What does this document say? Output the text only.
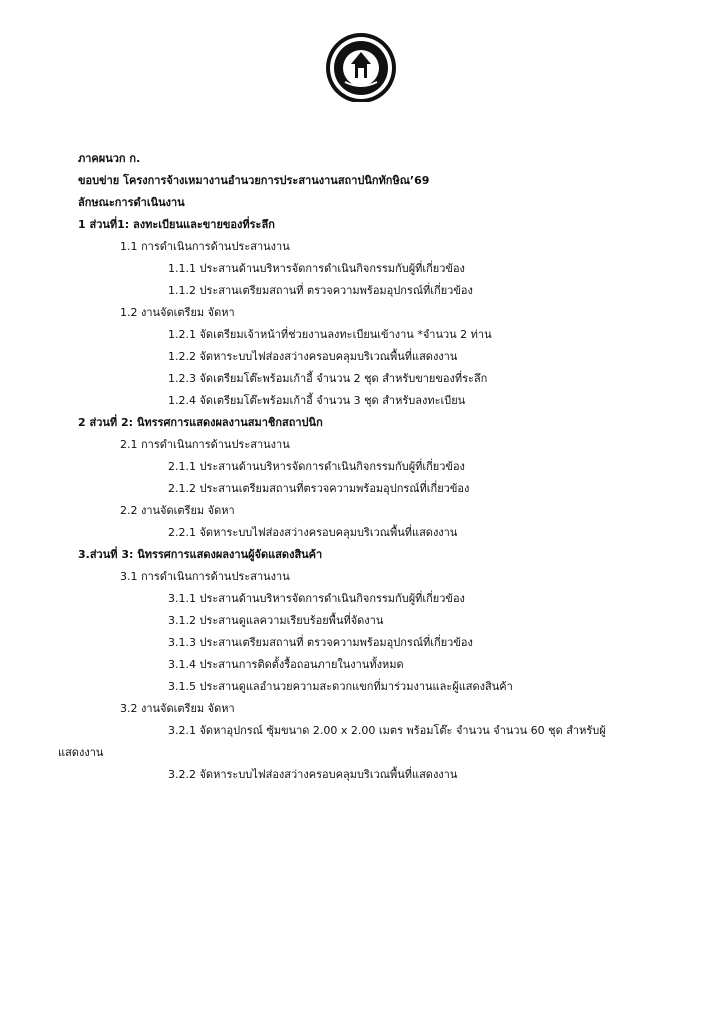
ภาคผนวก ก.
ขอบข่าย โครงการจ้างเหมางานอำนวยการประสานงานสถาปนิกทักษิณ’69
ลักษณะการดำเนินงาน
1 ส่วนที่1: ลงทะเบียนและขายของที่ระลึก
1.1 การดำเนินการด้านประสานงาน
1.1.1 ประสานด้านบริหารจัดการดำเนินกิจกรรมกับผู้ที่เกี่ยวข้อง
1.1.2 ประสานเตรียมสถานที่ ตรวจความพร้อมอุปกรณ์ที่เกี่ยวข้อง
1.2 งานจัดเตรียม จัดหา
1.2.1 จัดเตรียมเจ้าหน้าที่ช่วยงานลงทะเบียนเข้างาน *จำนวน 2 ท่าน
1.2.2 จัดหาระบบไฟส่องสว่างครอบคลุมบริเวณพื้นที่แสดงงาน
1.2.3 จัดเตรียมโต๊ะพร้อมเก้าอี้ จำนวน 2 ชุด สำหรับขายของที่ระลึก
1.2.4 จัดเตรียมโต๊ะพร้อมเก้าอี้ จำนวน 3 ชุด สำหรับลงทะเบียน
2 ส่วนที่ 2: นิทรรศการแสดงผลงานสมาชิกสถาปนิก
2.1 การดำเนินการด้านประสานงาน
2.1.1 ประสานด้านบริหารจัดการดำเนินกิจกรรมกับผู้ที่เกี่ยวข้อง
2.1.2 ประสานเตรียมสถานที่ตรวจความพร้อมอุปกรณ์ที่เกี่ยวข้อง
2.2 งานจัดเตรียม จัดหา
2.2.1 จัดหาระบบไฟส่องสว่างครอบคลุมบริเวณพื้นที่แสดงงาน
3.ส่วนที่ 3: นิทรรศการแสดงผลงานผู้จัดแสดงสินค้า
3.1 การดำเนินการด้านประสานงาน
3.1.1 ประสานด้านบริหารจัดการดำเนินกิจกรรมกับผู้ที่เกี่ยวข้อง
3.1.2 ประสานดูแลความเรียบร้อยพื้นที่จัดงาน
3.1.3 ประสานเตรียมสถานที่ ตรวจความพร้อมอุปกรณ์ที่เกี่ยวข้อง
3.1.4 ประสานการติดตั้งรื้อถอนภายในงานทั้งหมด
3.1.5 ประสานดูแลอำนวยความสะดวกแขกที่มาร่วมงานและผู้แสดงสินค้า
3.2 งานจัดเตรียม จัดหา
3.2.1 จัดหาอุปกรณ์ ซุ้มขนาด 2.00 x 2.00 เมตร พร้อมโต๊ะ จำนวน จำนวน 60 ชุด สำหรับผู้
แสดงงาน
3.2.2 จัดหาระบบไฟส่องสว่างครอบคลุมบริเวณพื้นที่แสดงงาน
